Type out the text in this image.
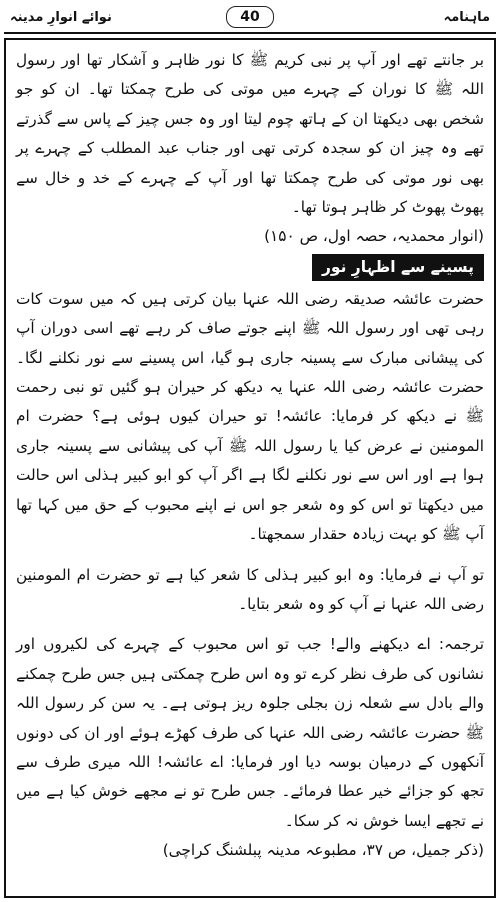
ماہنامہ
40
نوائے انوارِ مدینہ

بر جانتے تھے اور آپ پر نبی کریم ﷺ کا نور ظاہر و آشکار تھا اور رسول اللہ ﷺ کا نوران کے چہرے میں موتی کی طرح چمکتا تھا۔ ان کو جو شخص بھی دیکھتا ان کے ہاتھ چوم لیتا اور وہ جس چیز کے پاس سے گذرتے تھے وہ چیز ان کو سجدہ کرتی تھی اور جناب عبد المطلب کے چہرے پر بھی نور موتی کی طرح چمکتا تھا اور آپ کے چہرے کے خد و خال سے پھوٹ پھوٹ کر ظاہر ہوتا تھا۔

(انوار محمدیہ، حصہ اول، ص ۱۵۰)

پسینے سے اظہارِ نور

حضرت عائشہ صدیقہ رضی اللہ عنہا بیان کرتی ہیں کہ میں سوت کات رہی تھی اور رسول اللہ ﷺ اپنے جوتے صاف کر رہے تھے اسی دوران آپ کی پیشانی مبارک سے پسینہ جاری ہو گیا، اس پسینے سے نور نکلنے لگا۔ حضرت عائشہ رضی اللہ عنہا یہ دیکھ کر حیران ہو گئیں تو نبی رحمت ﷺ نے دیکھ کر فرمایا: عائشہ! تو حیران کیوں ہوئی ہے؟ حضرت ام المومنین نے عرض کیا یا رسول اللہ ﷺ آپ کی پیشانی سے پسینہ جاری ہوا ہے اور اس سے نور نکلنے لگا ہے اگر آپ کو ابو کبیر ہذلی اس حالت میں دیکھتا تو اس کو وہ شعر جو اس نے اپنے محبوب کے حق میں کہا تھا آپ ﷺ کو بہت زیادہ حقدار سمجھتا۔

تو آپ نے فرمایا: وہ ابو کبیر ہذلی کا شعر کیا ہے تو حضرت ام المومنین رضی اللہ عنہا نے آپ کو وہ شعر بتایا۔

ترجمہ: اے دیکھنے والے! جب تو اس محبوب کے چہرے کی لکیروں اور نشانوں کی طرف نظر کرے تو وہ اس طرح چمکتی ہیں جس طرح چمکنے والے بادل سے شعلہ زن بجلی جلوہ ریز ہوتی ہے۔ یہ سن کر رسول اللہ ﷺ حضرت عائشہ رضی اللہ عنہا کی طرف کھڑے ہوئے اور ان کی دونوں آنکھوں کے درمیان بوسہ دیا اور فرمایا: اے عائشہ! اللہ میری طرف سے تجھ کو جزائے خیر عطا فرمائے۔ جس طرح تو نے مجھے خوش کیا ہے میں نے تجھے ایسا خوش نہ کر سکا۔

(ذکر جمیل، ص ۳۷، مطبوعہ مدینہ پبلشنگ کراچی)
